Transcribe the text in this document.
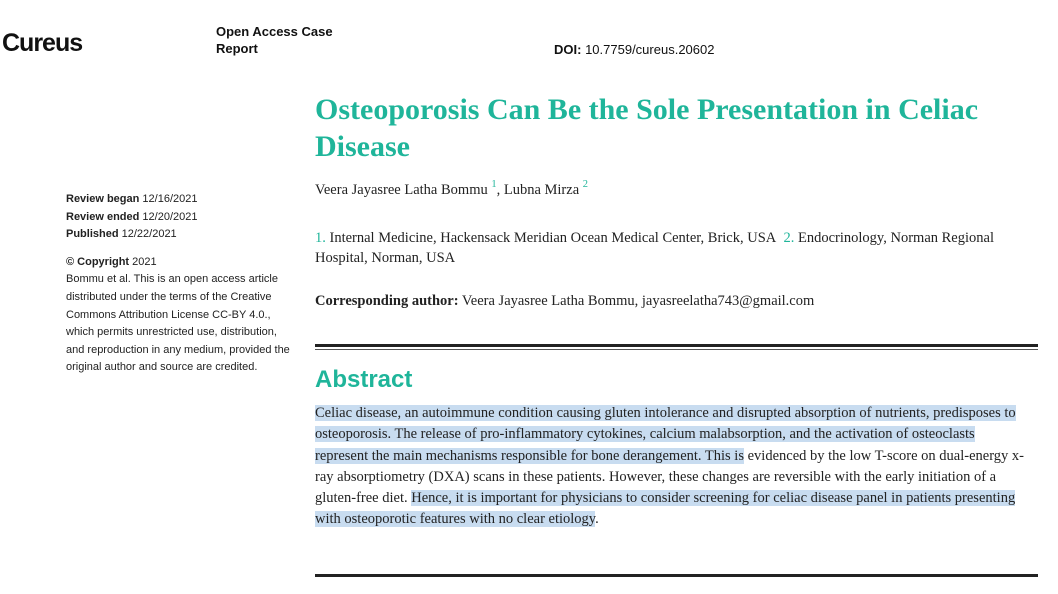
Cureus	Open Access Case Report	DOI: 10.7759/cureus.20602
Osteoporosis Can Be the Sole Presentation in Celiac Disease
Veera Jayasree Latha Bommu $^1$, Lubna Mirza $^2$
1. Internal Medicine, Hackensack Meridian Ocean Medical Center, Brick, USA 2. Endocrinology, Norman Regional Hospital, Norman, USA
Corresponding author: Veera Jayasree Latha Bommu, jayasreelatha743@gmail.com
Abstract

Celiac disease, an autoimmune condition causing gluten intolerance and disrupted absorption of nutrients, predisposes to osteoporosis. The release of pro-inflammatory cytokines, calcium malabsorption, and the activation of osteoclasts represent the main mechanisms responsible for bone derangement. This is evidenced by the low T-score on dual-energy x-ray absorptiometry (DXA) scans in these patients. However, these changes are reversible with the early initiation of a gluten-free diet. Hence, it is important for physicians to consider screening for celiac disease panel in patients presenting with osteoporotic features with no clear etiology.

Review began 12/16/2021
Review ended 12/20/2021
Published 12/22/2021
© Copyright 2021
Bommu et al. This is an open access article distributed under the terms of the Creative Commons Attribution License CC-BY 4.0., which permits unrestricted use, distribution, and reproduction in any medium, provided the original author and source are credited.
